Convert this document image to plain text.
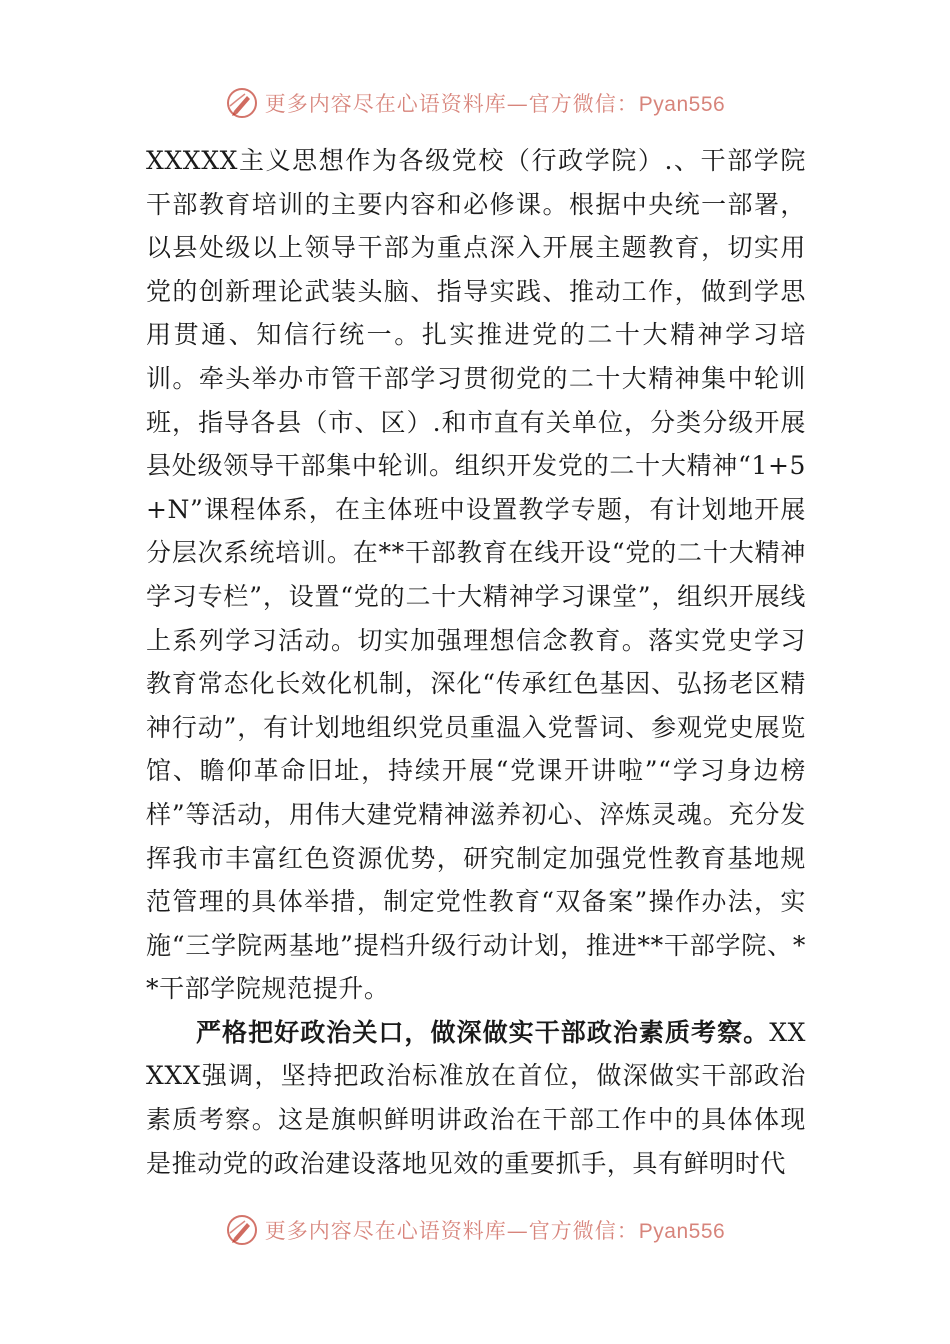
更多内容尽在心语资料库—官方微信：Pyan556

XXXXX主义思想作为各级党校（行政学院）.、干部学院干部教育培训的主要内容和必修课。根据中央统一部署，以县处级以上领导干部为重点深入开展主题教育，切实用党的创新理论武装头脑、指导实践、推动工作，做到学思用贯通、知信行统一。扎实推进党的二十大精神学习培训。牵头举办市管干部学习贯彻党的二十大精神集中轮训班，指导各县（市、区）.和市直有关单位，分类分级开展县处级领导干部集中轮训。组织开发党的二十大精神“1+5+N”课程体系，在主体班中设置教学专题，有计划地开展分层次系统培训。在**干部教育在线开设“党的二十大精神学习专栏”，设置“党的二十大精神学习课堂”，组织开展线上系列学习活动。切实加强理想信念教育。落实党史学习教育常态化长效化机制，深化“传承红色基因、弘扬老区精神行动”，有计划地组织党员重温入党誓词、参观党史展览馆、瞻仰革命旧址，持续开展“党课开讲啦”“学习身边榜样”等活动，用伟大建党精神滋养初心、淬炼灵魂。充分发挥我市丰富红色资源优势，研究制定加强党性教育基地规范管理的具体举措，制定党性教育“双备案”操作办法，实施“三学院两基地”提档升级行动计划，推进**干部学院、**干部学院规范提升。

严格把好政治关口，做深做实干部政治素质考察。XXXXX强调，坚持把政治标准放在首位，做深做实干部政治素质考察。这是旗帜鲜明讲政治在干部工作中的具体体现是推动党的政治建设落地见效的重要抓手，具有鲜明时代

更多内容尽在心语资料库—官方微信：Pyan556
